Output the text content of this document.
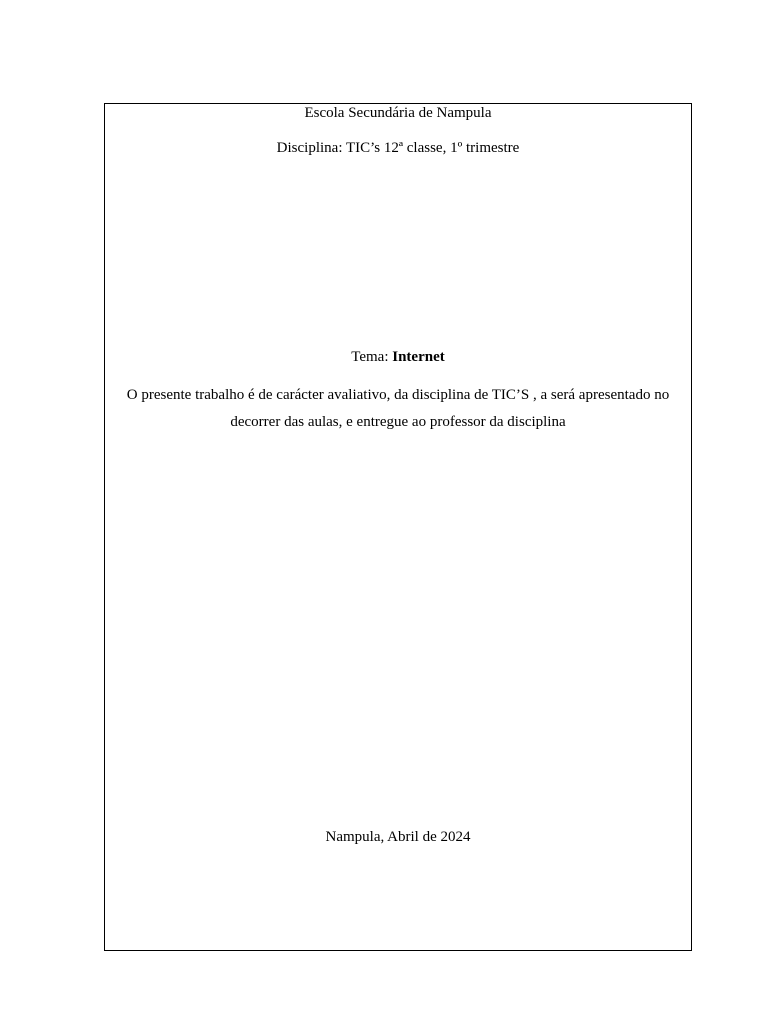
Escola Secundária de Nampula
Disciplina: TIC’s 12ª classe, 1º trimestre
Tema: Internet
O presente trabalho é de carácter avaliativo, da disciplina de TIC’S , a será apresentado no
decorrer das aulas, e entregue ao professor da disciplina
Nampula, Abril de 2024
